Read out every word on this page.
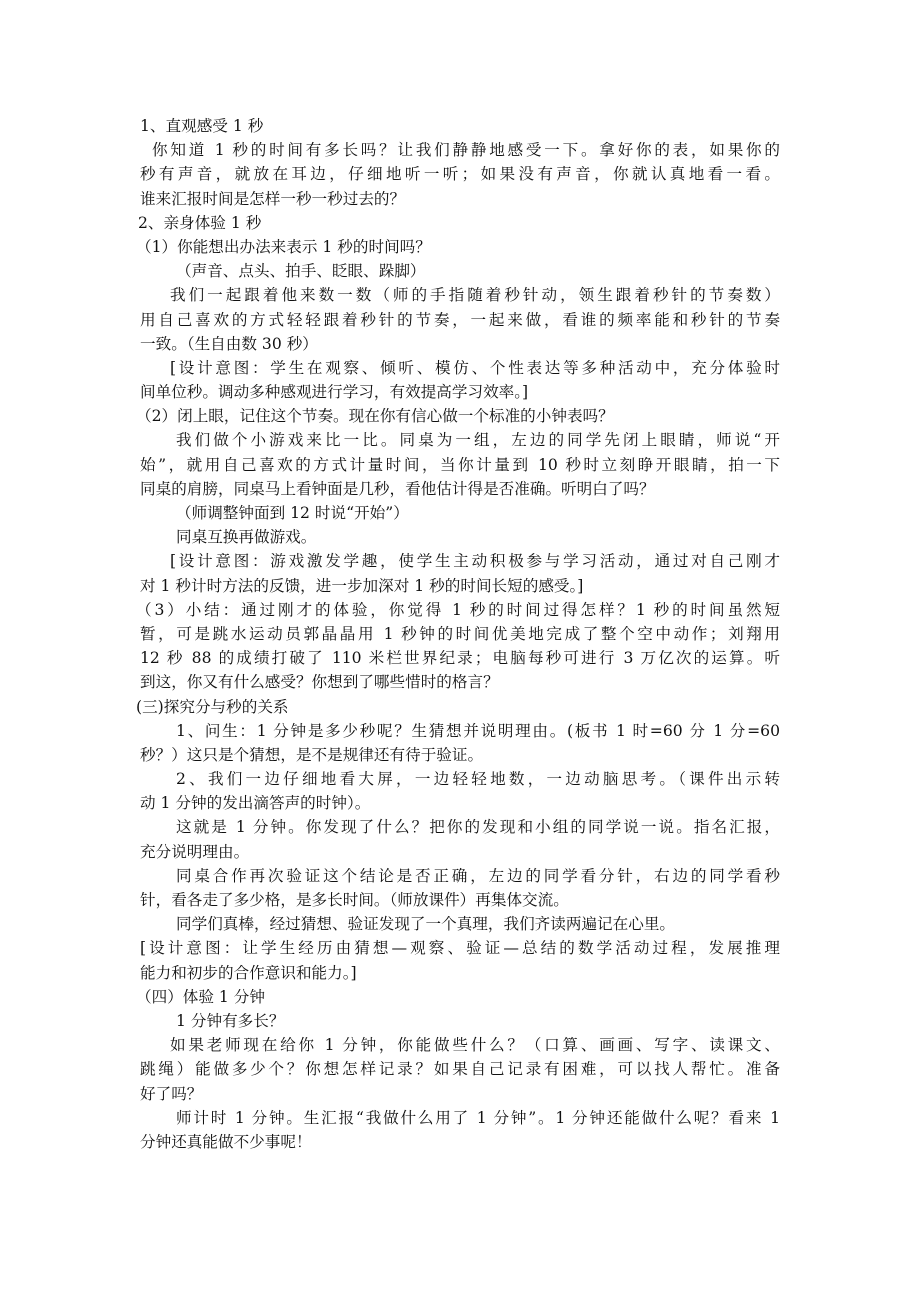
1、直观感受 1 秒
你知道 1 秒的时间有多长吗？让我们静静地感受一下。拿好你的表，如果你的
秒有声音，就放在耳边，仔细地听一听；如果没有声音，你就认真地看一看。
谁来汇报时间是怎样一秒一秒过去的？
2、亲身体验 1 秒
（1）你能想出办法来表示 1 秒的时间吗？
（声音、点头、拍手、眨眼、跺脚）
我们一起跟着他来数一数（师的手指随着秒针动，领生跟着秒针的节奏数）
用自己喜欢的方式轻轻跟着秒针的节奏，一起来做，看谁的频率能和秒针的节奏
一致。（生自由数 30 秒）
[设计意图：学生在观察、倾听、模仿、个性表达等多种活动中，充分体验时
间单位秒。调动多种感观进行学习，有效提高学习效率。]
（2）闭上眼，记住这个节奏。现在你有信心做一个标准的小钟表吗？
我们做个小游戏来比一比。同桌为一组，左边的同学先闭上眼睛，师说“开
始”，就用自己喜欢的方式计量时间，当你计量到 10 秒时立刻睁开眼睛，拍一下
同桌的肩膀，同桌马上看钟面是几秒，看他估计得是否准确。听明白了吗？
（师调整钟面到 12 时说“开始”）
同桌互换再做游戏。
[设计意图：游戏激发学趣，使学生主动积极参与学习活动，通过对自己刚才
对 1 秒计时方法的反馈，进一步加深对 1 秒的时间长短的感受。]
（3）小结：通过刚才的体验，你觉得 1 秒的时间过得怎样？1 秒的时间虽然短
暂，可是跳水运动员郭晶晶用 1 秒钟的时间优美地完成了整个空中动作；刘翔用
12 秒 88 的成绩打破了 110 米栏世界纪录；电脑每秒可进行 3 万亿次的运算。听
到这，你又有什么感受？你想到了哪些惜时的格言？
(三)探究分与秒的关系
1、问生：1 分钟是多少秒呢？生猜想并说明理由。(板书 1 时=60 分 1 分=60
秒？）这只是个猜想，是不是规律还有待于验证。
2、我们一边仔细地看大屏，一边轻轻地数，一边动脑思考。（课件出示转
动 1 分钟的发出滴答声的时钟）。
这就是 1 分钟。你发现了什么？把你的发现和小组的同学说一说。指名汇报，
充分说明理由。
同桌合作再次验证这个结论是否正确，左边的同学看分针，右边的同学看秒
针，看各走了多少格，是多长时间。（师放课件）再集体交流。
同学们真棒，经过猜想、验证发现了一个真理，我们齐读两遍记在心里。
[设计意图：让学生经历由猜想—观察、验证—总结的数学活动过程，发展推理
能力和初步的合作意识和能力。]
（四）体验 1 分钟
1 分钟有多长？
如果老师现在给你 1 分钟，你能做些什么？（口算、画画、写字、读课文、
跳绳）能做多少个？你想怎样记录？如果自己记录有困难，可以找人帮忙。准备
好了吗？
师计时 1 分钟。生汇报“我做什么用了 1 分钟”。1 分钟还能做什么呢？看来 1
分钟还真能做不少事呢！
